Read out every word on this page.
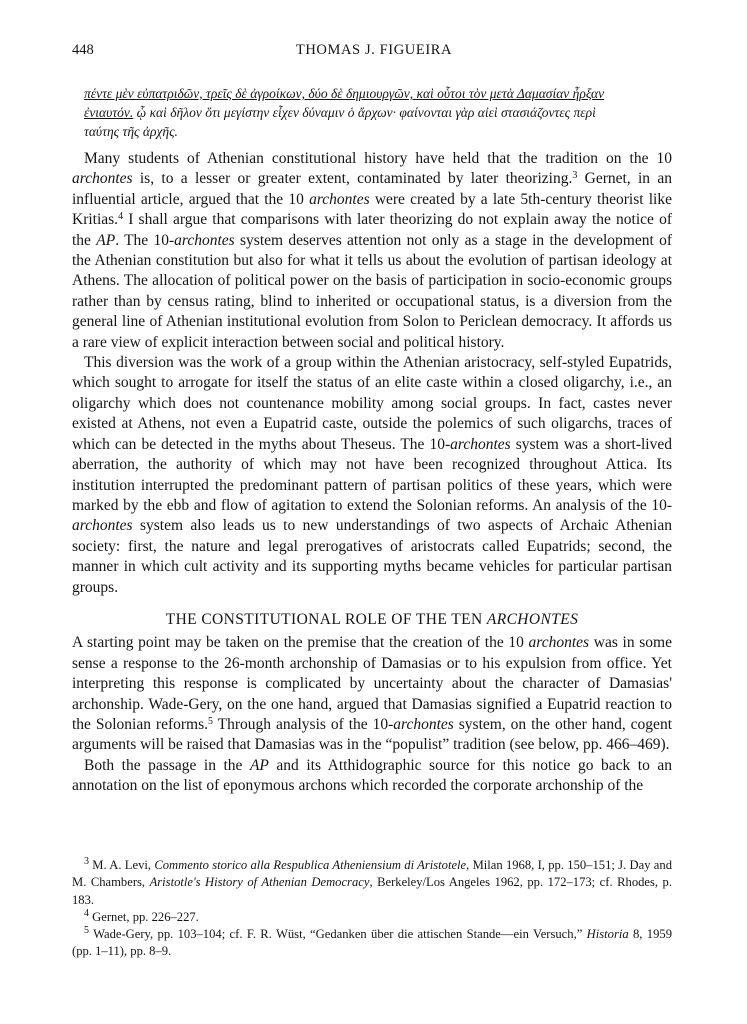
448	THOMAS J. FIGUEIRA
πέντε μὲν εὐπατριδῶν, τρεῖς δὲ ἀγροίκων, δύο δὲ δημιουργῶν, καὶ οὗτοι τὸν μετὰ Δαμασίαν ἦρξαν
ἐνιαυτόν. ᾧ καὶ δῆλον ὅτι μεγίστην εἶχεν δύναμιν ὁ ἄρχων· φαίνονται γὰρ αἰεὶ στασιάζοντες περὶ
ταύτης τῆς ἀρχῆς.

Many students of Athenian constitutional history have held that the tradition on the 10 archontes is, to a lesser or greater extent, contaminated by later theorizing.$^3$ Gernet, in an influential article, argued that the 10 archontes were created by a late 5th-century theorist like Kritias.$^4$ I shall argue that comparisons with later theorizing do not explain away the notice of the AP. The 10-archontes system deserves attention not only as a stage in the development of the Athenian constitution but also for what it tells us about the evolution of partisan ideology at Athens. The allocation of political power on the basis of participation in socio-economic groups rather than by census rating, blind to inherited or occupational status, is a diversion from the general line of Athenian institutional evolution from Solon to Periclean democracy. It affords us a rare view of explicit interaction between social and political history.

This diversion was the work of a group within the Athenian aristocracy, self-styled Eupatrids, which sought to arrogate for itself the status of an elite caste within a closed oligarchy, i.e., an oligarchy which does not countenance mobility among social groups. In fact, castes never existed at Athens, not even a Eupatrid caste, outside the polemics of such oligarchs, traces of which can be detected in the myths about Theseus. The 10-archontes system was a short-lived aberration, the authority of which may not have been recognized throughout Attica. Its institution interrupted the predominant pattern of partisan politics of these years, which were marked by the ebb and flow of agitation to extend the Solonian reforms. An analysis of the 10-archontes system also leads us to new understandings of two aspects of Archaic Athenian society: first, the nature and legal prerogatives of aristocrats called Eupatrids; second, the manner in which cult activity and its supporting myths became vehicles for particular partisan groups.

THE CONSTITUTIONAL ROLE OF THE TEN ARCHONTES

A starting point may be taken on the premise that the creation of the 10 archontes was in some sense a response to the 26-month archonship of Damasias or to his expulsion from office. Yet interpreting this response is complicated by uncertainty about the character of Damasias' archonship. Wade-Gery, on the one hand, argued that Damasias signified a Eupatrid reaction to the Solonian reforms.$^5$ Through analysis of the 10-archontes system, on the other hand, cogent arguments will be raised that Damasias was in the “populist” tradition (see below, pp. 466–469).

Both the passage in the AP and its Atthidographic source for this notice go back to an annotation on the list of eponymous archons which recorded the corporate archonship of the

$^3$ M. A. Levi, Commento storico alla Respublica Atheniensium di Aristotele, Milan 1968, I, pp. 150–151; J. Day and M. Chambers, Aristotle's History of Athenian Democracy, Berkeley/Los Angeles 1962, pp. 172–173; cf. Rhodes, p. 183.

$^4$ Gernet, pp. 226–227.

$^5$ Wade-Gery, pp. 103–104; cf. F. R. Wüst, “Gedanken über die attischen Stande—ein Versuch,” Historia 8, 1959 (pp. 1–11), pp. 8–9.
